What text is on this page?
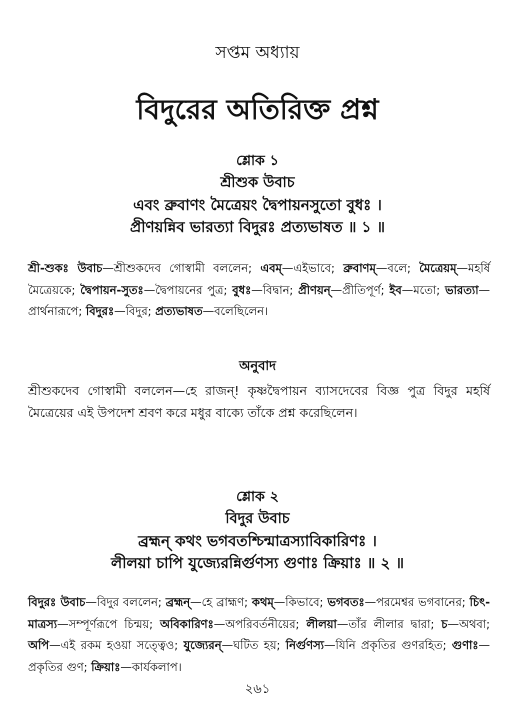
সপ্তম অধ্যায়
বিদুরের অতিরিক্ত প্রশ্ন
শ্লোক ১
শ্রীশুক উবাচ
এবং ব্রুবাণং মৈত্রেয়ং দ্বৈপায়নসুতো বুধঃ ।
প্রীণয়ন্নিব ভারত্যা বিদুরঃ প্রত্যভাষত ॥ ১ ॥
শ্রী-শুকঃ উবাচ—শ্রীশুকদেব গোস্বামী বললেন; এবম্—এইভাবে; ব্রুবাণম্—বলে; মৈত্রেয়ম্—মহর্ষি মৈত্রেয়কে; দ্বৈপায়ন-সুতঃ—দ্বৈপায়নের পুত্র; বুধঃ—বিদ্বান; প্রীণয়ন্—প্রীতিপূর্ণ; ইব—মতো; ভারত্যা—প্রার্থনারূপে; বিদুরঃ—বিদুর; প্রত্যভাষত—বলেছিলেন।
অনুবাদ
শ্রীশুকদেব গোস্বামী বললেন—হে রাজন্! কৃষ্ণদ্বৈপায়ন ব্যাসদেবের বিজ্ঞ পুত্র বিদুর মহর্ষি মৈত্রেয়ের এই উপদেশ শ্রবণ করে মধুর বাক্যে তাঁকে প্রশ্ন করেছিলেন।
শ্লোক ২
বিদুর উবাচ
ব্রহ্মন্ কথং ভগবতশ্চিন্মাত্রস্যাবিকারিণঃ ।
লীলয়া চাপি যুজ্যেরন্নির্গুণস্য গুণাঃ ক্রিয়াঃ ॥ ২ ॥
বিদুরঃ উবাচ—বিদুর বললেন; ব্রহ্মন্—হে ব্রাহ্মণ; কথম্—কিভাবে; ভগবতঃ—পরমেশ্বর ভগবানের; চিৎ-মাত্রস্য—সম্পূর্ণরূপে চিন্ময়; অবিকারিণঃ—অপরিবর্তনীয়ের; লীলয়া—তাঁর লীলার দ্বারা; চ—অথবা; অপি—এই রকম হওয়া সত্ত্বেও; যুজ্যেরন্—ঘটিত হয়; নির্গুণস্য—যিনি প্রকৃতির গুণরহিত; গুণাঃ—প্রকৃতির গুণ; ক্রিয়াঃ—কার্যকলাপ।
২৬১
